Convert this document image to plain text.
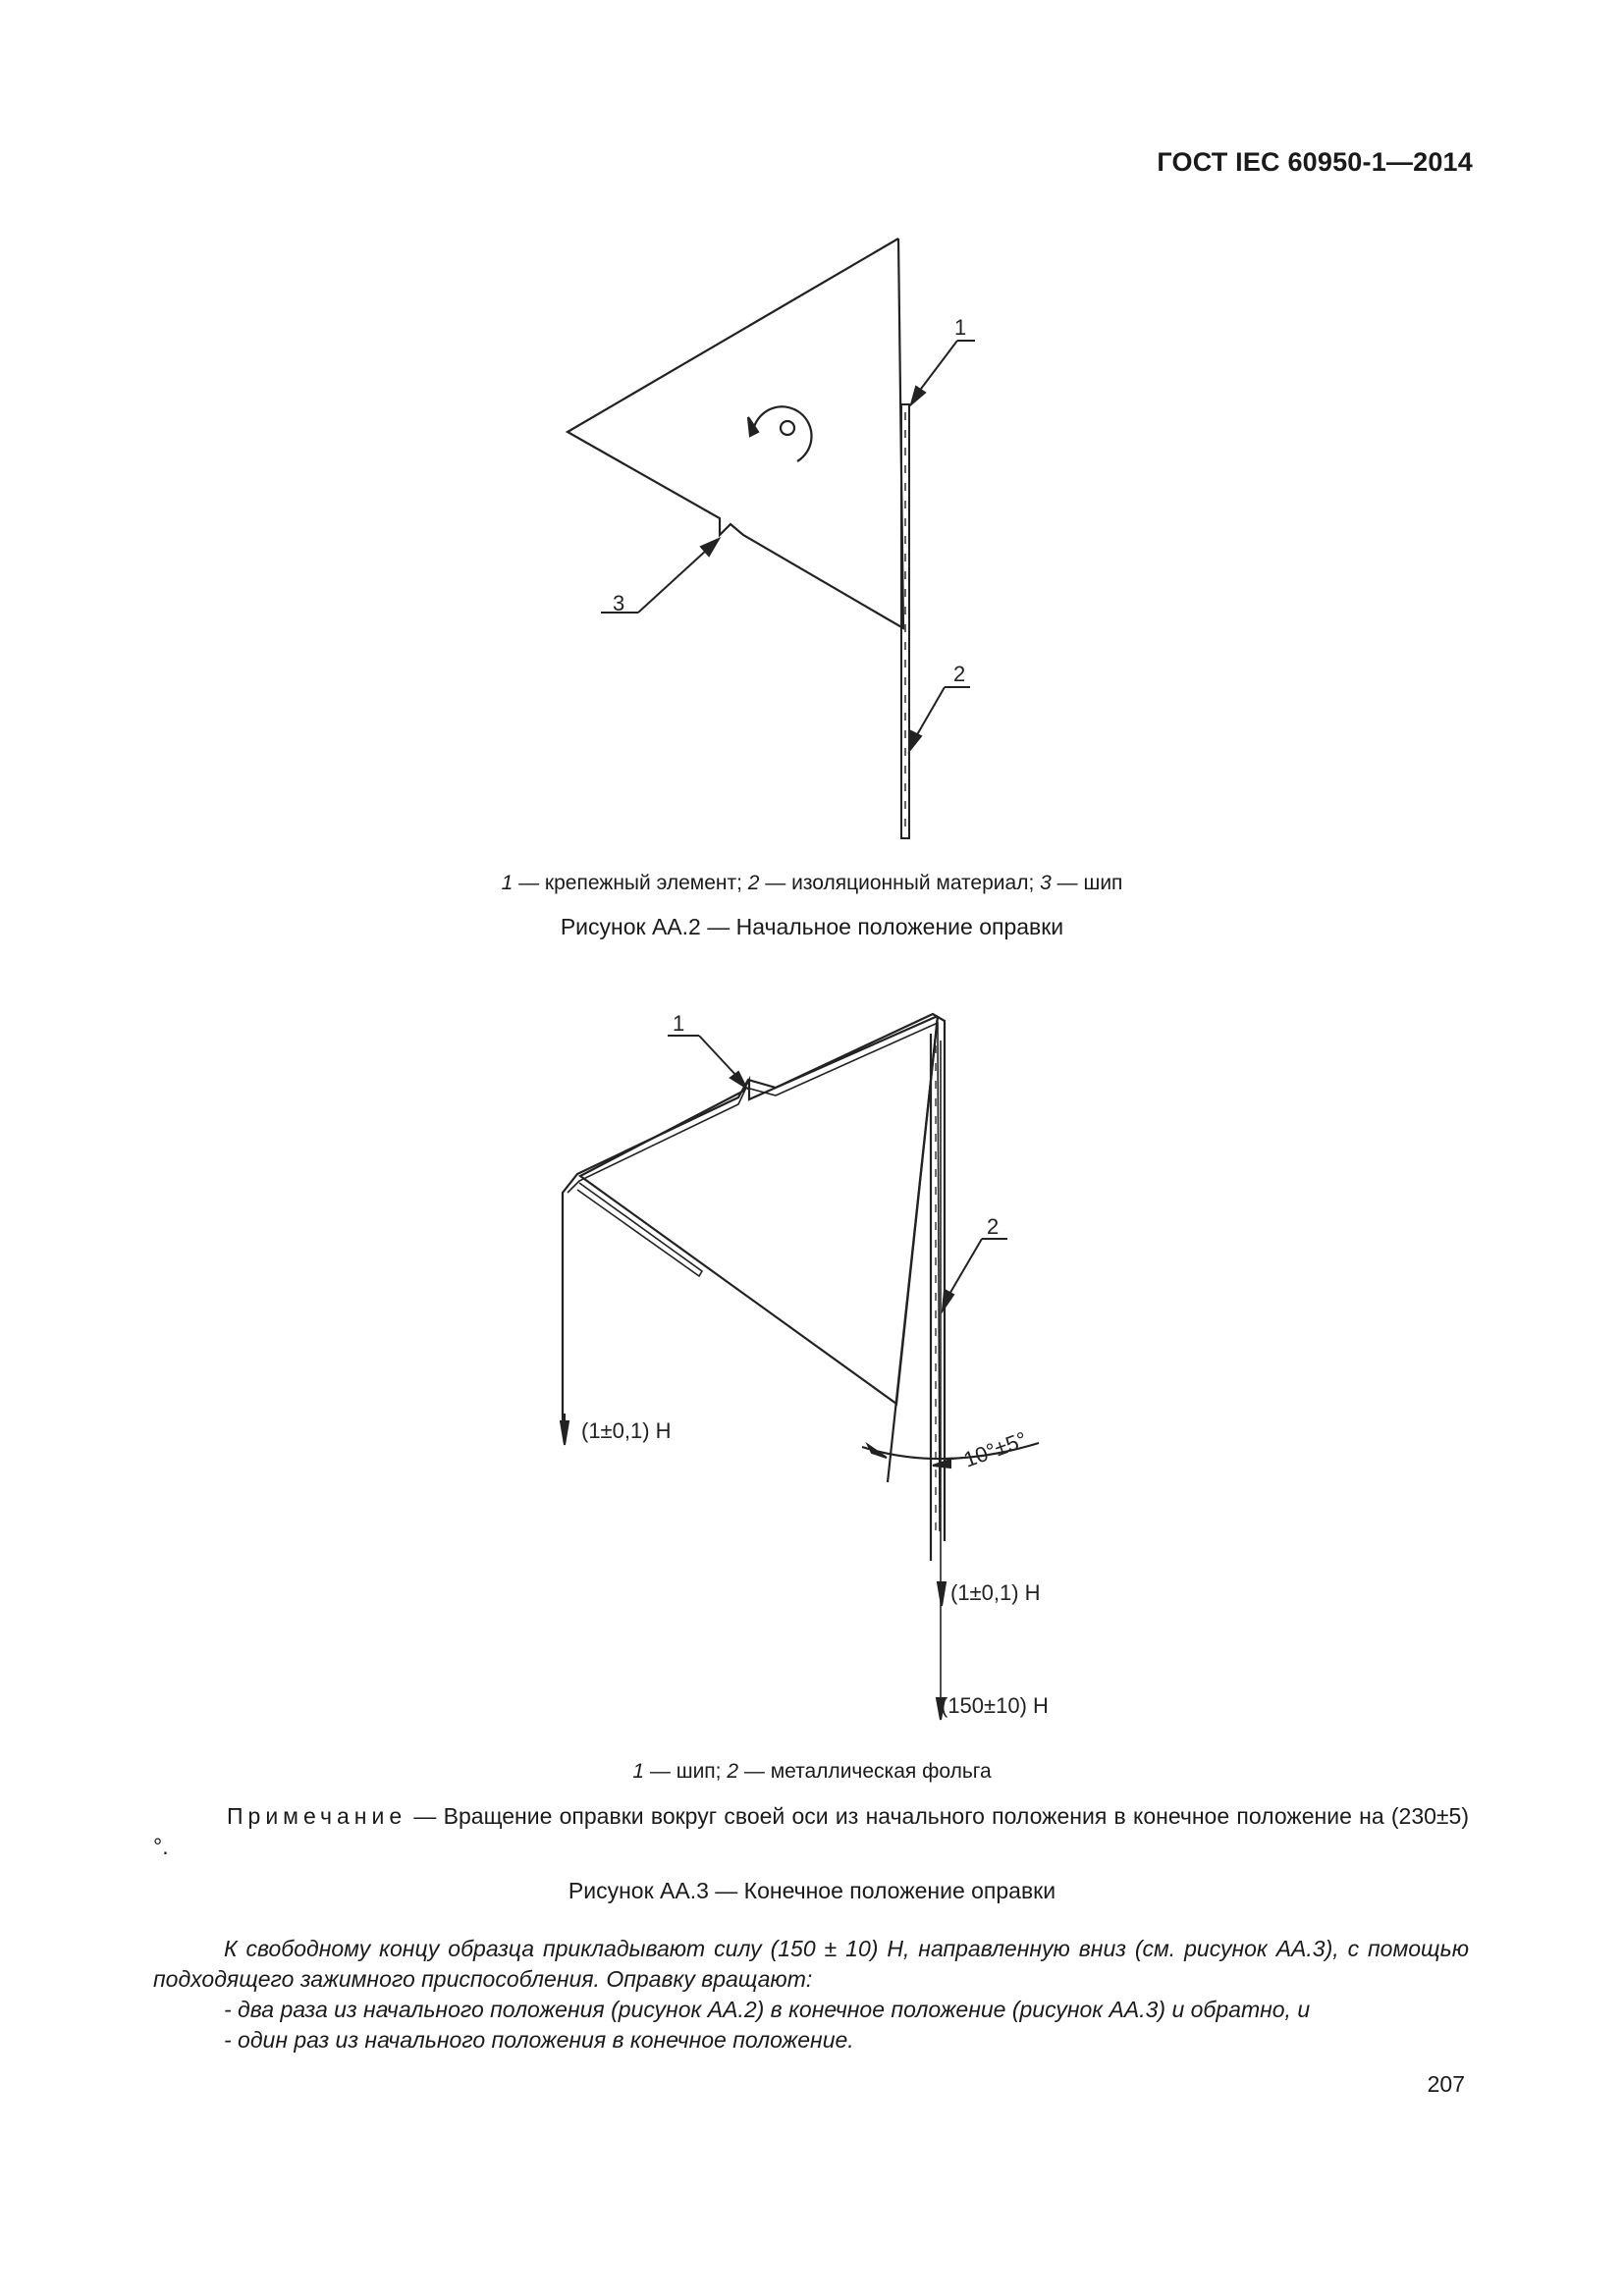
ГОСТ IEC 60950-1—2014
1
2
3
1 — крепежный элемент; 2 — изоляционный материал; 3 — шип
Рисунок AA.2 — Начальное положение оправки
1
2
(1±0,1) Н
(1±0,1) Н
(150±10) Н
10°±5°
1 — шип; 2 — металлическая фольга
Примечание — Вращение оправки вокруг своей оси из начального положения в конечное положение на (230±5)°.
Рисунок AA.3 — Конечное положение оправки
К свободному концу образца прикладывают силу (150 ± 10) Н, направленную вниз (см. рисунок АА.3), с помощью подходящего зажимного приспособления. Оправку вращают:
- два раза из начального положения (рисунок АА.2) в конечное положение (рисунок АА.3) и обратно, и
- один раз из начального положения в конечное положение.
207
